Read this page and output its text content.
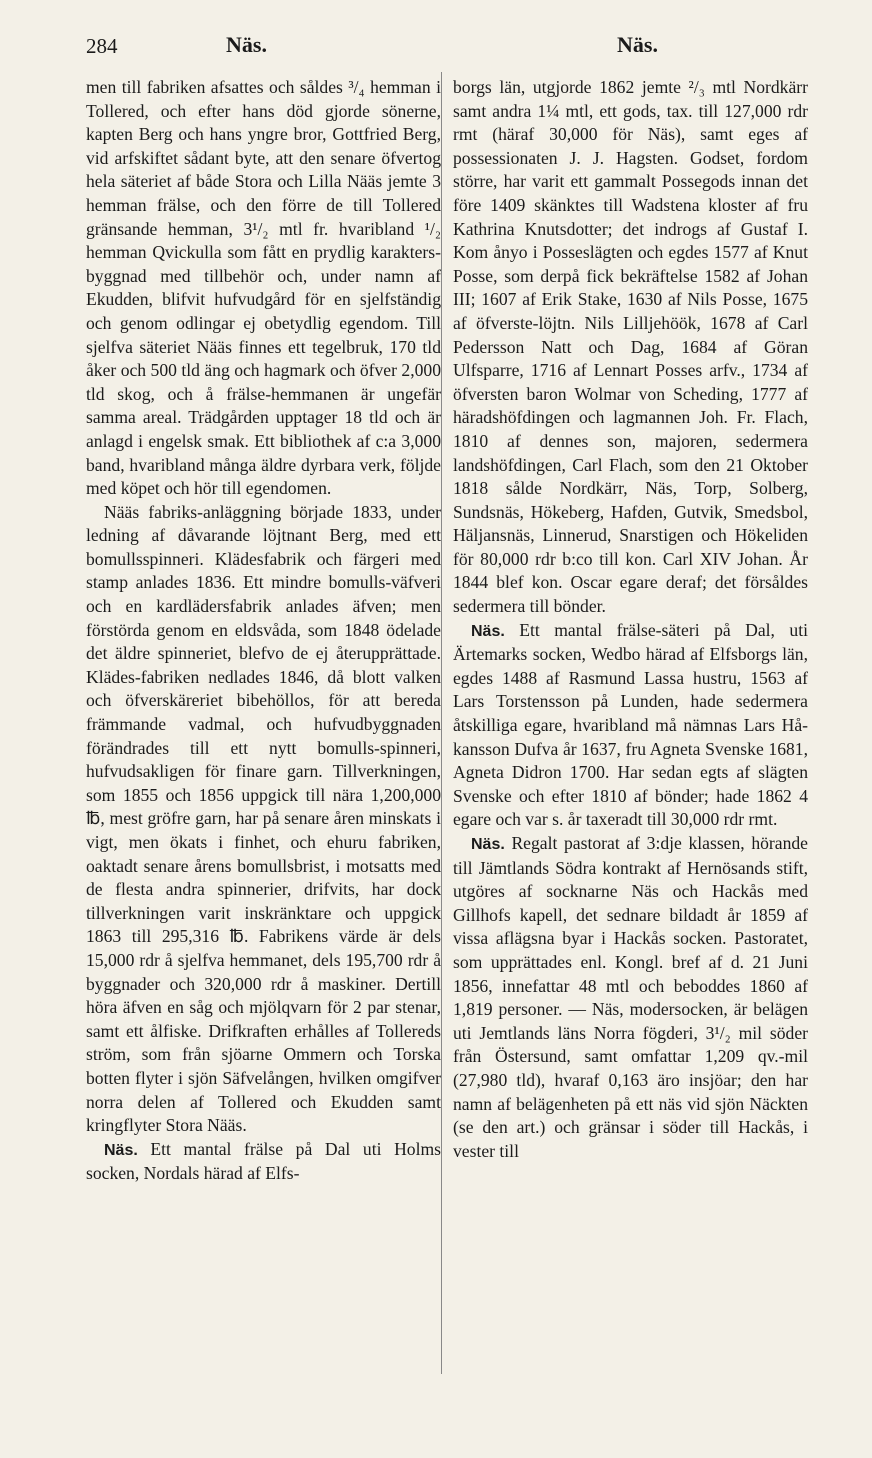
284	Näs.	Näs.

men till fabriken afsattes och såldes ³/₄ hemman i Tollered, och efter hans död gjorde sönerne, kapten Berg och hans yngre bror, Gottfried Berg, vid arfskiftet sådant byte, att den senare öfvertog hela säteriet af både Stora och Lilla Nääs jemte 3 hemman frälse, och den förre de till Tollered gränsande hemman, 3¹/₂ mtl fr. hvaribland ¹/₂ hemman Qvickulla som fått en prydlig karakters-byggnad med tillbehör och, under namn af Ekudden, blifvit hufvudgård för en sjelfständig och genom odlingar ej obetydlig egendom. Till sjelfva säteriet Nääs finnes ett tegelbruk, 170 tld åker och 500 tld äng och hagmark och öfver 2,000 tld skog, och å frälse-hemmanen är ungefär samma areal. Trädgården upptager 18 tld och är anlagd i engelsk smak. Ett bibliothek af c:a 3,000 band, hvaribland många äldre dyrbara verk, följde med köpet och hör till egendomen.

Nääs fabriks-anläggning började 1833, under ledning af dåvarande löjtnant Berg, med ett bomullsspinneri. Klädesfabrik och färgeri med stamp anlades 1836. Ett mindre bomulls-väfveri och en kardlädersfabrik anlades äfven; men förstörda genom en eldsvåda, som 1848 ödelade det äldre spinneriet, blefvo de ej återupprättade. Klädes-fabriken nedlades 1846, då blott valken och öfverskäreriet bibehöllos, för att bereda främmande vadmal, och hufvudbyggnaden förändrades till ett nytt bomulls-spinneri, hufvudsakligen för finare garn. Tillverkningen, som 1855 och 1856 uppgick till nära 1,200,000 ℔, mest gröfre garn, har på senare åren minskats i vigt, men ökats i finhet, och ehuru fabriken, oaktadt senare årens bomullsbrist, i motsatts med de flesta andra spinnerier, drifvits, har dock tillverkningen varit inskränktare och uppgick 1863 till 295,316 ℔. Fabrikens värde är dels 15,000 rdr å sjelfva hemmanet, dels 195,700 rdr å byggnader och 320,000 rdr å maskiner. Dertill höra äfven en såg och mjölqvarn för 2 par stenar, samt ett ålfiske. Drifkraften erhålles af Tollereds ström, som från sjöarne Ommern och Torska botten flyter i sjön Säfvelången, hvilken omgifver norra delen af Tollered och Ekudden samt kringflyter Stora Nääs.

Näs. Ett mantal frälse på Dal uti Holms socken, Nordals härad af Elfs-

borgs län, utgjorde 1862 jemte ²/₃ mtl Nordkärr samt andra 1¼ mtl, ett gods, tax. till 127,000 rdr rmt (häraf 30,000 för Näs), samt eges af possessionaten J. J. Hagsten. Godset, fordom större, har varit ett gammalt Possegods innan det före 1409 skänktes till Wadstena kloster af fru Kathrina Knutsdotter; det indrogs af Gustaf I. Kom ånyo i Posseslägten och egdes 1577 af Knut Posse, som derpå fick bekräftelse 1582 af Johan III; 1607 af Erik Stake, 1630 af Nils Posse, 1675 af öfverste-löjtn. Nils Lilljehöök, 1678 af Carl Pedersson Natt och Dag, 1684 af Göran Ulfsparre, 1716 af Lennart Posses arfv., 1734 af öfversten baron Wolmar von Scheding, 1777 af häradshöfdingen och lagmannen Joh. Fr. Flach, 1810 af dennes son, majoren, sedermera landshöfdingen, Carl Flach, som den 21 Oktober 1818 sålde Nordkärr, Näs, Torp, Solberg, Sundsnäs, Hökeberg, Hafden, Gutvik, Smedsbol, Häljansnäs, Linnerud, Snarstigen och Hökeliden för 80,000 rdr b:co till kon. Carl XIV Johan. År 1844 blef kon. Oscar egare deraf; det försåldes sedermera till bönder.

Näs. Ett mantal frälse-säteri på Dal, uti Ärtemarks socken, Wedbo härad af Elfsborgs län, egdes 1488 af Rasmund Lassa hustru, 1563 af Lars Torstensson på Lunden, hade sedermera åtskilliga egare, hvaribland må nämnas Lars Håkansson Dufva år 1637, fru Agneta Svenske 1681, Agneta Didron 1700. Har sedan egts af slägten Svenske och efter 1810 af bönder; hade 1862 4 egare och var s. år taxeradt till 30,000 rdr rmt.

Näs. Regalt pastorat af 3:dje klassen, hörande till Jämtlands Södra kontrakt af Hernösands stift, utgöres af socknarne Näs och Hackås med Gillhofs kapell, det sednare bildadt år 1859 af vissa aflägsna byar i Hackås socken. Pastoratet, som upprättades enl. Kongl. bref af d. 21 Juni 1856, innefattar 48 mtl och beboddes 1860 af 1,819 personer. — Näs, modersocken, är belägen uti Jemtlands läns Norra fögderi, 3¹/₂ mil söder från Östersund, samt omfattar 1,209 qv.-mil (27,980 tld), hvaraf 0,163 äro insjöar; den har namn af belägenheten på ett näs vid sjön Näckten (se den art.) och gränsar i söder till Hackås, i vester till
